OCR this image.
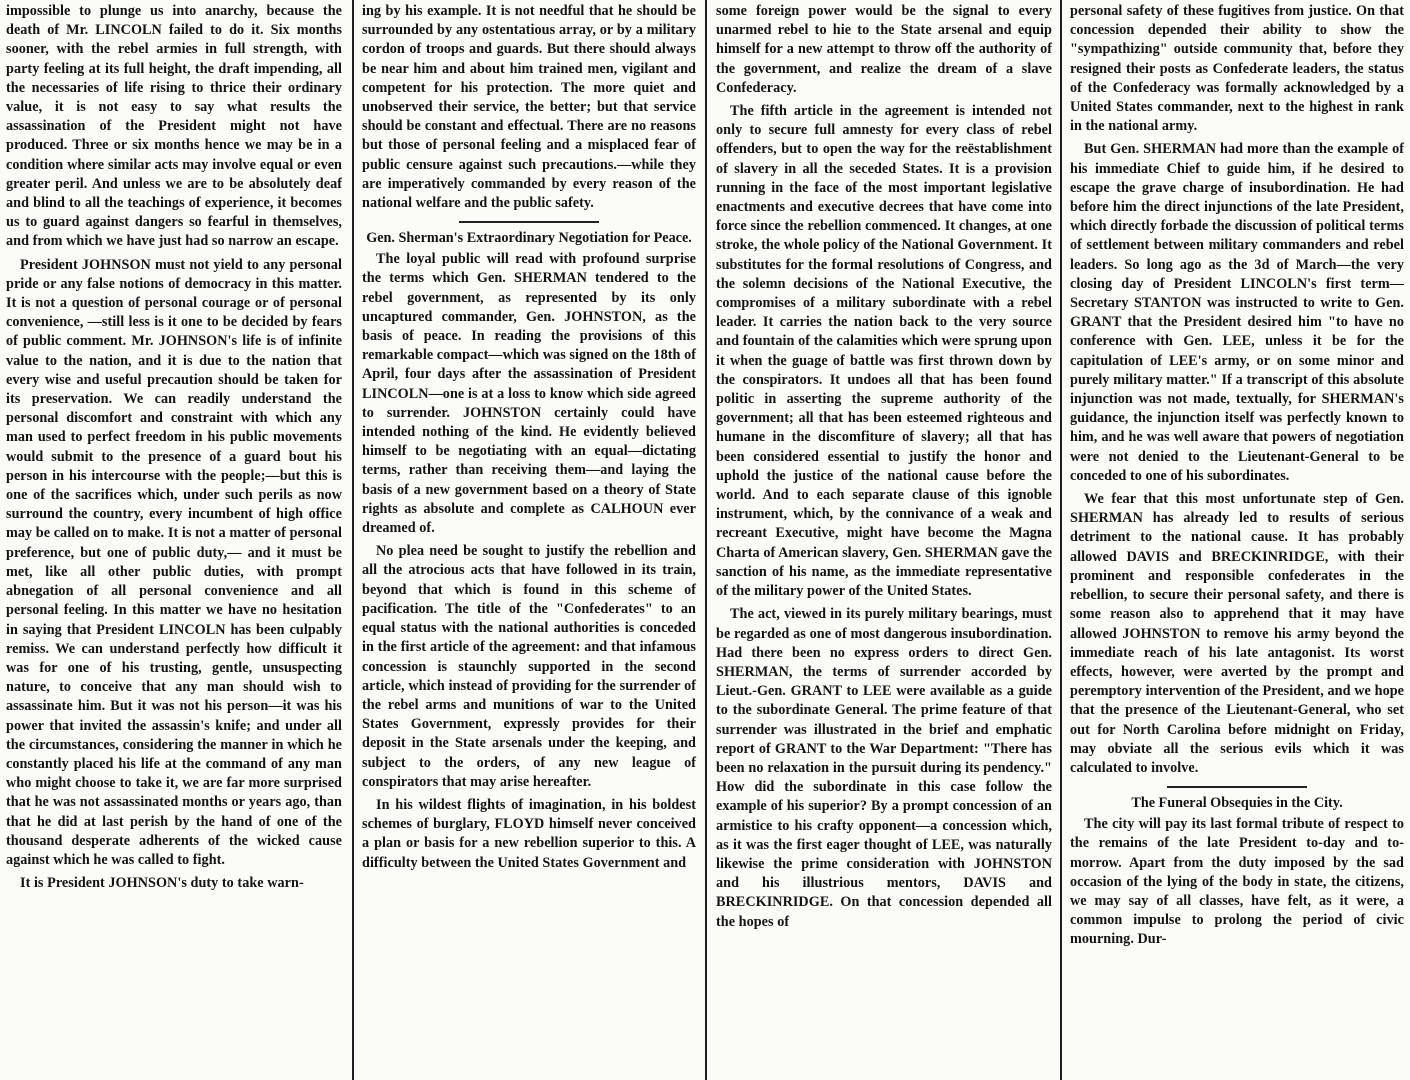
impossible to plunge us into anarchy, because the death of Mr. LINCOLN failed to do it. Six months sooner, with the rebel armies in full strength, with party feeling at its full height, the draft impending, all the necessaries of life rising to thrice their ordinary value, it is not easy to say what results the assassination of the President might not have produced. Three or six months hence we may be in a condition where similar acts may involve equal or even greater peril. And unless we are to be absolutely deaf and blind to all the teachings of experience, it becomes us to guard against dangers so fearful in themselves, and from which we have just had so narrow an escape.

President JOHNSON must not yield to any personal pride or any false notions of democracy in this matter. It is not a question of personal courage or of personal convenience, —still less is it one to be decided by fears of public comment. Mr. JOHNSON's life is of infinite value to the nation, and it is due to the nation that every wise and useful precaution should be taken for its preservation. We can readily understand the personal discomfort and constraint with which any man used to perfect freedom in his public movements would submit to the presence of a guard bout his person in his intercourse with the people;—but this is one of the sacrifices which, under such perils as now surround the country, every incumbent of high office may be called on to make. It is not a matter of personal preference, but one of public duty,— and it must be met, like all other public duties, with prompt abnegation of all personal convenience and all personal feeling. In this matter we have no hesitation in saying that President LINCOLN has been culpably remiss. We can understand perfectly how difficult it was for one of his trusting, gentle, unsuspecting nature, to conceive that any man should wish to assassinate him. But it was not his person—it was his power that invited the assassin's knife; and under all the circumstances, considering the manner in which he constantly placed his life at the command of any man who might choose to take it, we are far more surprised that he was not assassinated months or years ago, than that he did at last perish by the hand of one of the thousand desperate adherents of the wicked cause against which he was called to fight.

It is President JOHNSON's duty to take warn-

ing by his example. It is not needful that he should be surrounded by any ostentatious array, or by a military cordon of troops and guards. But there should always be near him and about him trained men, vigilant and competent for his protection. The more quiet and unobserved their service, the better; but that service should be constant and effectual. There are no reasons but those of personal feeling and a misplaced fear of public censure against such precautions.—while they are imperatively commanded by every reason of the national welfare and the public safety.

Gen. Sherman's Extraordinary Negotiation for Peace.

The loyal public will read with profound surprise the terms which Gen. SHERMAN tendered to the rebel government, as represented by its only uncaptured commander, Gen. JOHNSTON, as the basis of peace. In reading the provisions of this remarkable compact—which was signed on the 18th of April, four days after the assassination of President LINCOLN—one is at a loss to know which side agreed to surrender. JOHNSTON certainly could have intended nothing of the kind. He evidently believed himself to be negotiating with an equal—dictating terms, rather than receiving them—and laying the basis of a new government based on a theory of State rights as absolute and complete as CALHOUN ever dreamed of.

No plea need be sought to justify the rebellion and all the atrocious acts that have followed in its train, beyond that which is found in this scheme of pacification. The title of the "Confederates" to an equal status with the national authorities is conceded in the first article of the agreement: and that infamous concession is staunchly supported in the second article, which instead of providing for the surrender of the rebel arms and munitions of war to the United States Government, expressly provides for their deposit in the State arsenals under the keeping, and subject to the orders, of any new league of conspirators that may arise hereafter.

In his wildest flights of imagination, in his boldest schemes of burglary, FLOYD himself never conceived a plan or basis for a new rebellion superior to this. A difficulty between the United States Government and

some foreign power would be the signal to every unarmed rebel to hie to the State arsenal and equip himself for a new attempt to throw off the authority of the government, and realize the dream of a slave Confederacy.

The fifth article in the agreement is intended not only to secure full amnesty for every class of rebel offenders, but to open the way for the reëstablishment of slavery in all the seceded States. It is a provision running in the face of the most important legislative enactments and executive decrees that have come into force since the rebellion commenced. It changes, at one stroke, the whole policy of the National Government. It substitutes for the formal resolutions of Congress, and the solemn decisions of the National Executive, the compromises of a military subordinate with a rebel leader. It carries the nation back to the very source and fountain of the calamities which were sprung upon it when the guage of battle was first thrown down by the conspirators. It undoes all that has been found politic in asserting the supreme authority of the government; all that has been esteemed righteous and humane in the discomfiture of slavery; all that has been considered essential to justify the honor and uphold the justice of the national cause before the world. And to each separate clause of this ignoble instrument, which, by the connivance of a weak and recreant Executive, might have become the Magna Charta of American slavery, Gen. SHERMAN gave the sanction of his name, as the immediate representative of the military power of the United States.

The act, viewed in its purely military bearings, must be regarded as one of most dangerous insubordination. Had there been no express orders to direct Gen. SHERMAN, the terms of surrender accorded by Lieut.-Gen. GRANT to LEE were available as a guide to the subordinate General. The prime feature of that surrender was illustrated in the brief and emphatic report of GRANT to the War Department: "There has been no relaxation in the pursuit during its pendency." How did the subordinate in this case follow the example of his superior? By a prompt concession of an armistice to his crafty opponent—a concession which, as it was the first eager thought of LEE, was naturally likewise the prime consideration with JOHNSTON and his illustrious mentors, DAVIS and BRECKINRIDGE. On that concession depended all the hopes of

personal safety of these fugitives from justice. On that concession depended their ability to show the "sympathizing" outside community that, before they resigned their posts as Confederate leaders, the status of the Confederacy was formally acknowledged by a United States commander, next to the highest in rank in the national army.

But Gen. SHERMAN had more than the example of his immediate Chief to guide him, if he desired to escape the grave charge of insubordination. He had before him the direct injunctions of the late President, which directly forbade the discussion of political terms of settlement between military commanders and rebel leaders. So long ago as the 3d of March—the very closing day of President LINCOLN's first term—Secretary STANTON was instructed to write to Gen. GRANT that the President desired him "to have no conference with Gen. LEE, unless it be for the capitulation of LEE's army, or on some minor and purely military matter." If a transcript of this absolute injunction was not made, textually, for SHERMAN's guidance, the injunction itself was perfectly known to him, and he was well aware that powers of negotiation were not denied to the Lieutenant-General to be conceded to one of his subordinates.

We fear that this most unfortunate step of Gen. SHERMAN has already led to results of serious detriment to the national cause. It has probably allowed DAVIS and BRECKINRIDGE, with their prominent and responsible confederates in the rebellion, to secure their personal safety, and there is some reason also to apprehend that it may have allowed JOHNSTON to remove his army beyond the immediate reach of his late antagonist. Its worst effects, however, were averted by the prompt and peremptory intervention of the President, and we hope that the presence of the Lieutenant-General, who set out for North Carolina before midnight on Friday, may obviate all the serious evils which it was calculated to involve.

The Funeral Obsequies in the City.

The city will pay its last formal tribute of respect to the remains of the late President to-day and to-morrow. Apart from the duty imposed by the sad occasion of the lying of the body in state, the citizens, we may say of all classes, have felt, as it were, a common impulse to prolong the period of civic mourning. Dur-
